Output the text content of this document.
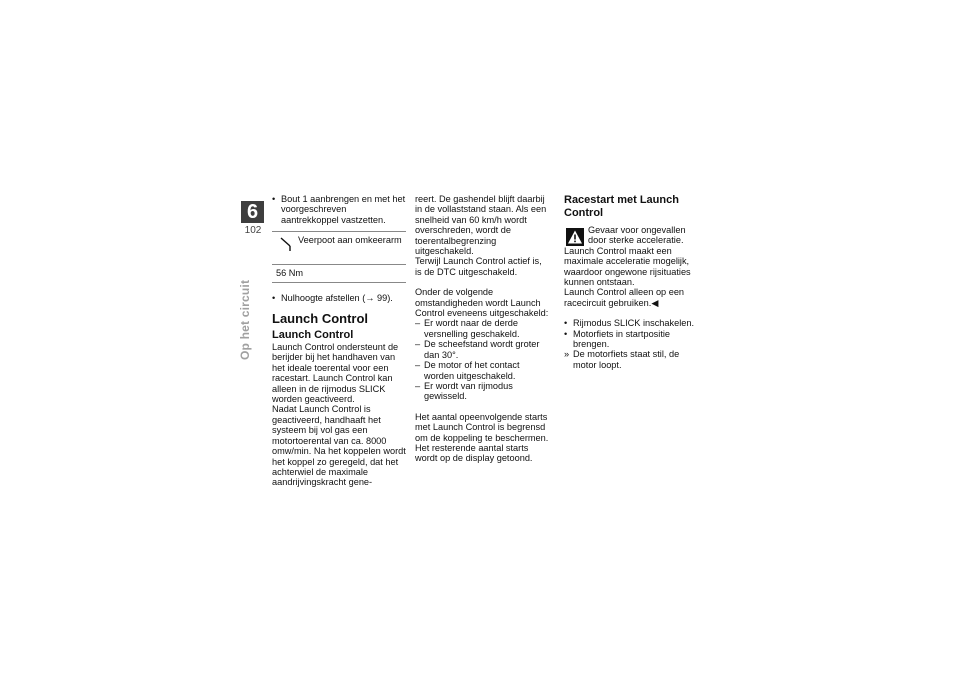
6
102
Op het circuit

• Bout 1 aanbrengen en met het voorgeschreven aantrekkoppel vastzetten.

Veerpoot aan omkeerarm
56 Nm

• Nulhoogte afstellen (→ 99).

Launch Control
Launch Control

Launch Control ondersteunt de berijder bij het handhaven van het ideale toerental voor een racestart. Launch Control kan alleen in de rijmodus SLICK worden geactiveerd.

Nadat Launch Control is geactiveerd, handhaaft het systeem bij vol gas een motortoerental van ca. 8000 omw/min. Na het koppelen wordt het koppel zo geregeld, dat het achterwiel de maximale aandrijvingskracht gene-

reert. De gashendel blijft daarbij in de vollaststand staan. Als een snelheid van 60 km/h wordt overschreden, wordt de toerentalbegrenzing uitgeschakeld.

Terwijl Launch Control actief is, is de DTC uitgeschakeld.

Onder de volgende omstandigheden wordt Launch Control eveneens uitgeschakeld:

– Er wordt naar de derde versnelling geschakeld.

– De scheefstand wordt groter dan 30°.

– De motor of het contact worden uitgeschakeld.

– Er wordt van rijmodus gewisseld.

Het aantal opeenvolgende starts met Launch Control is begrensd om de koppeling te beschermen. Het resterende aantal starts wordt op de display getoond.

Racestart met Launch Control
Gevaar voor ongevallen door sterke acceleratie.

Launch Control maakt een maximale acceleratie mogelijk, waardoor ongewone rijsituaties kunnen ontstaan.

Launch Control alleen op een racecircuit gebruiken.◀

• Rijmodus SLICK inschakelen.

• Motorfiets in startpositie brengen.

» De motorfiets staat stil, de motor loopt.
